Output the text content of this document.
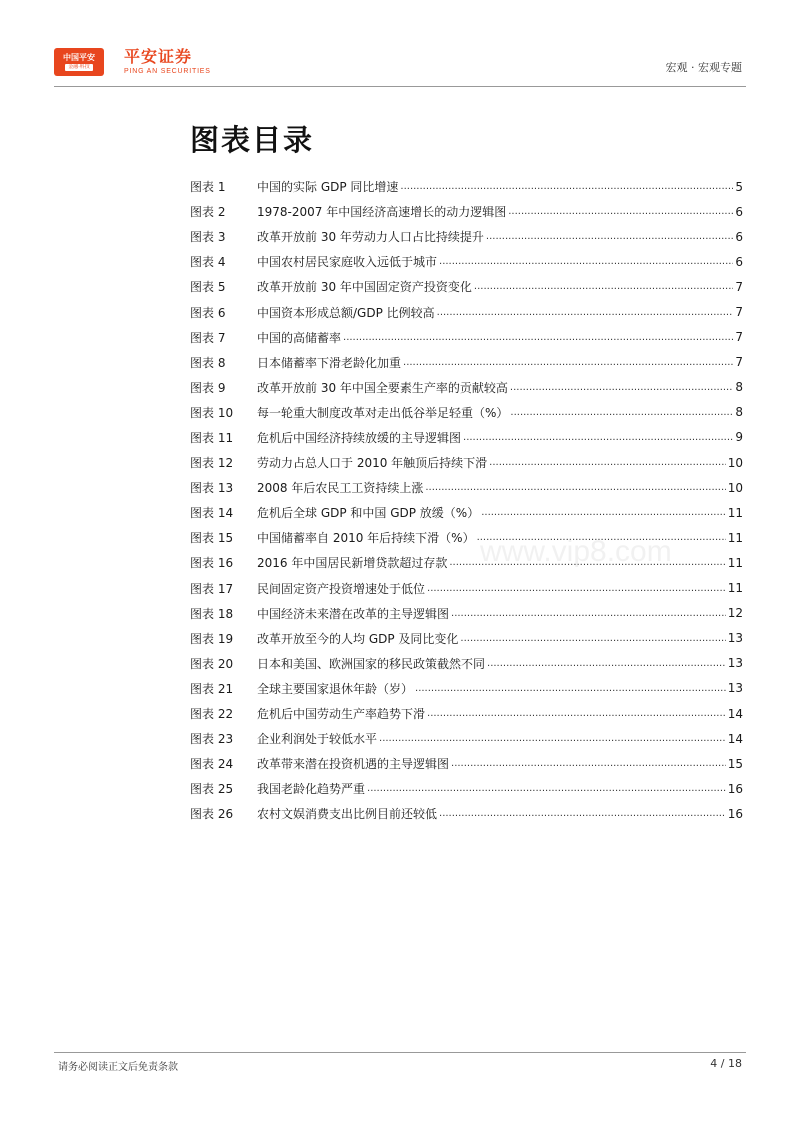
中国平安
金融·科技
平安证券
PING AN SECURITIES	宏观 · 宏观专题
图表目录
图表 1	中国的实际 GDP 同比增速 .....	5
图表 2	1978-2007 年中国经济高速增长的动力逻辑图 .....	6
图表 3	改革开放前 30 年劳动力人口占比持续提升 .....	6
图表 4	中国农村居民家庭收入远低于城市 .....	6
图表 5	改革开放前 30 年中国固定资产投资变化 .....	7
图表 6	中国资本形成总额/GDP 比例较高 .....	7
图表 7	中国的高储蓄率 .....	7
图表 8	日本储蓄率下滑老龄化加重 .....	7
图表 9	改革开放前 30 年中国全要素生产率的贡献较高 .....	8
图表 10	每一轮重大制度改革对走出低谷举足轻重（%） .....	8
图表 11	危机后中国经济持续放缓的主导逻辑图 .....	9
图表 12	劳动力占总人口于 2010 年触顶后持续下滑 .....	10
图表 13	2008 年后农民工工资持续上涨 .....	10
图表 14	危机后全球 GDP 和中国 GDP 放缓（%） .....	11
图表 15	中国储蓄率自 2010 年后持续下滑（%） .....	11
图表 16	2016 年中国居民新增贷款超过存款 .....	11
图表 17	民间固定资产投资增速处于低位 .....	11
图表 18	中国经济未来潜在改革的主导逻辑图 .....	12
图表 19	改革开放至今的人均 GDP 及同比变化 .....	13
图表 20	日本和美国、欧洲国家的移民政策截然不同 .....	13
图表 21	全球主要国家退休年龄（岁） .....	13
图表 22	危机后中国劳动生产率趋势下滑 .....	14
图表 23	企业利润处于较低水平 .....	14
图表 24	改革带来潜在投资机遇的主导逻辑图 .....	15
图表 25	我国老龄化趋势严重 .....	16
图表 26	农村文娱消费支出比例目前还较低 .....	16
www.vip8.com
请务必阅读正文后免责条款	4 / 18
